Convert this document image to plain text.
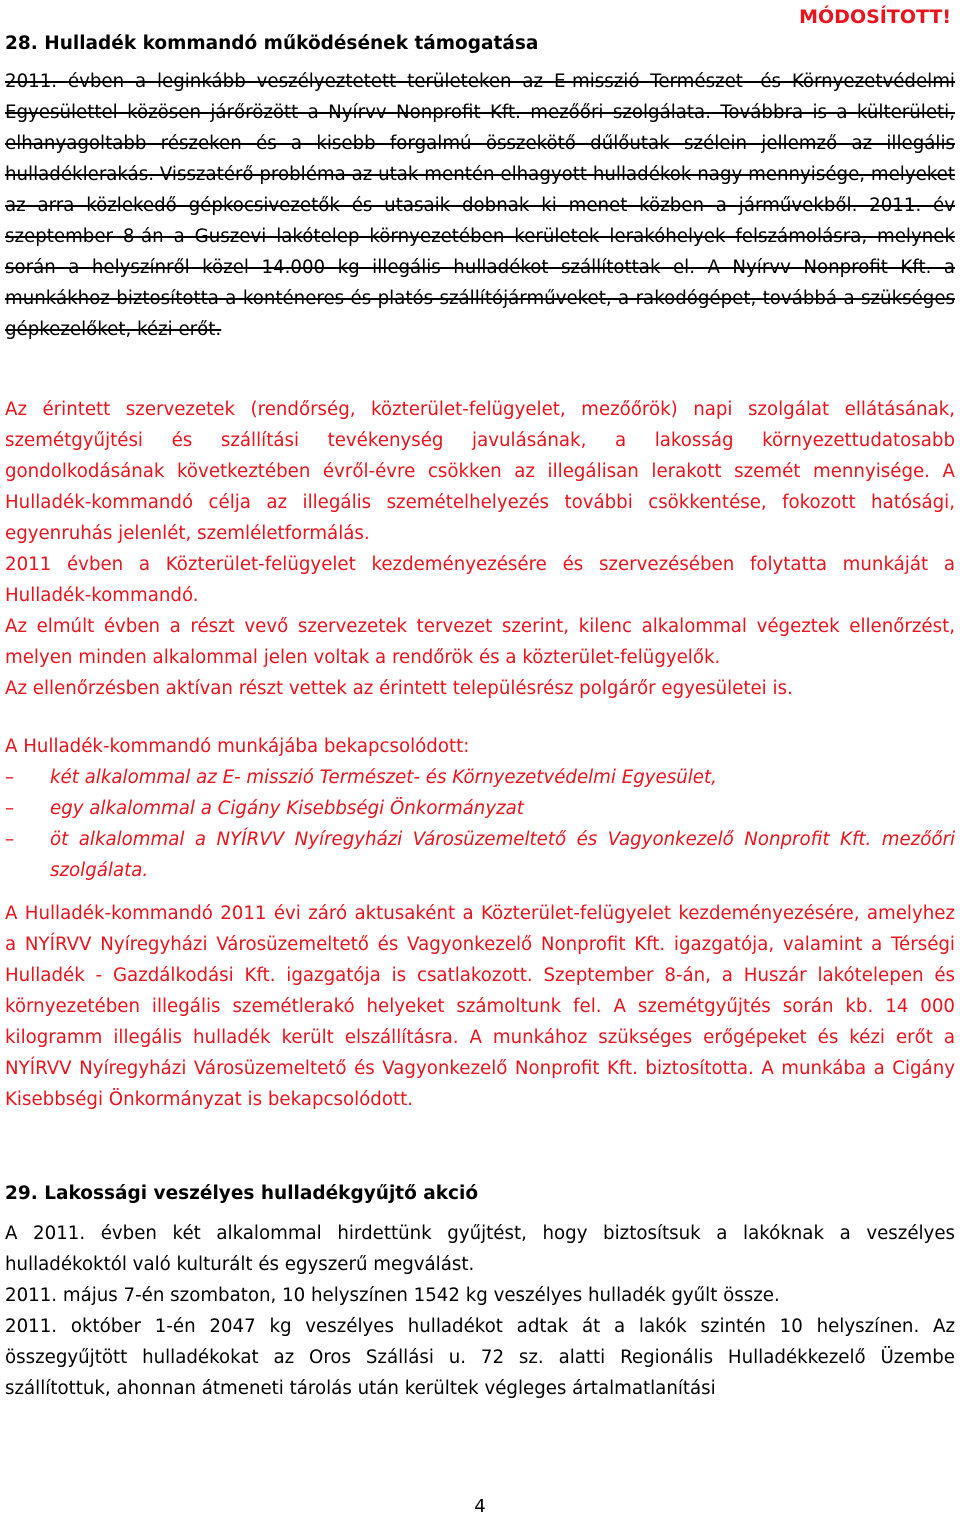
MÓDOSÍTOTT!

28. Hulladék kommandó működésének támogatása

2011. évben a leginkább veszélyeztetett területeken az E-misszió Természet- és Környezetvédelmi Egyesülettel közösen járőrözött a Nyírvv Nonprofit Kft. mezőőri szolgálata. Továbbra is a külterületi, elhanyagoltabb részeken és a kisebb forgalmú összekötő dűlőutak szélein jellemző az illegális hulladéklerakás. Visszatérő probléma az utak mentén elhagyott hulladékok nagy mennyisége, melyeket az arra közlekedő gépkocsivezetők és utasaik dobnak ki menet közben a járművekből. 2011. év szeptember 8-án a Guszevi lakótelep környezetében kerületek lerakóhelyek felszámolásra, melynek során a helyszínről közel 14.000 kg illegális hulladékot szállítottak el. A Nyírvv Nonprofit Kft. a munkákhoz biztosította a konténeres és platós szállítójárműveket, a rakodógépet, továbbá a szükséges gépkezelőket, kézi erőt.

Az érintett szervezetek (rendőrség, közterület-felügyelet, mezőőrök) napi szolgálat ellátásának, szemétgyűjtési és szállítási tevékenység javulásának, a lakosság környezettudatosabb gondolkodásának következtében évről-évre csökken az illegálisan lerakott szemét mennyisége. A Hulladék-kommandó célja az illegális szemételhelyezés további csökkentése, fokozott hatósági, egyenruhás jelenlét, szemléletformálás.
2011 évben a Közterület-felügyelet kezdeményezésére és szervezésében folytatta munkáját a Hulladék-kommandó.
Az elmúlt évben a részt vevő szervezetek tervezet szerint, kilenc alkalommal végeztek ellenőrzést, melyen minden alkalommal jelen voltak a rendőrök és a közterület-felügyelők.
Az ellenőrzésben aktívan részt vettek az érintett településrész polgárőr egyesületei is.

A Hulladék-kommandó munkájába bekapcsolódott:

– két alkalommal az E- misszió Természet- és Környezetvédelmi Egyesület,
– egy alkalommal a Cigány Kisebbségi Önkormányzat
– öt alkalommal a NYÍRVV Nyíregyházi Városüzemeltető és Vagyonkezelő Nonprofit Kft. mezőőri szolgálata.

A Hulladék-kommandó 2011 évi záró aktusaként a Közterület-felügyelet kezdeményezésére, amelyhez a NYÍRVV Nyíregyházi Városüzemeltető és Vagyonkezelő Nonprofit Kft. igazgatója, valamint a Térségi Hulladék - Gazdálkodási Kft. igazgatója is csatlakozott. Szeptember 8-án, a Huszár lakótelepen és környezetében illegális szemétlerakó helyeket számoltunk fel. A szemétgyűjtés során kb. 14 000 kilogramm illegális hulladék került elszállításra. A munkához szükséges erőgépeket és kézi erőt a NYÍRVV Nyíregyházi Városüzemeltető és Vagyonkezelő Nonprofit Kft. biztosította. A munkába a Cigány Kisebbségi Önkormányzat is bekapcsolódott.

29. Lakossági veszélyes hulladékgyűjtő akció
A 2011. évben két alkalommal hirdettünk gyűjtést, hogy biztosítsuk a lakóknak a veszélyes hulladékoktól való kulturált és egyszerű megválást.
2011. május 7-én szombaton, 10 helyszínen 1542 kg veszélyes hulladék gyűlt össze.
2011. október 1-én 2047 kg veszélyes hulladékot adtak át a lakók szintén 10 helyszínen. Az összegyűjtött hulladékokat az Oros Szállási u. 72 sz. alatti Regionális Hulladékkezelő Üzembe szállítottuk, ahonnan átmeneti tárolás után kerültek végleges ártalmatlanítási

4
